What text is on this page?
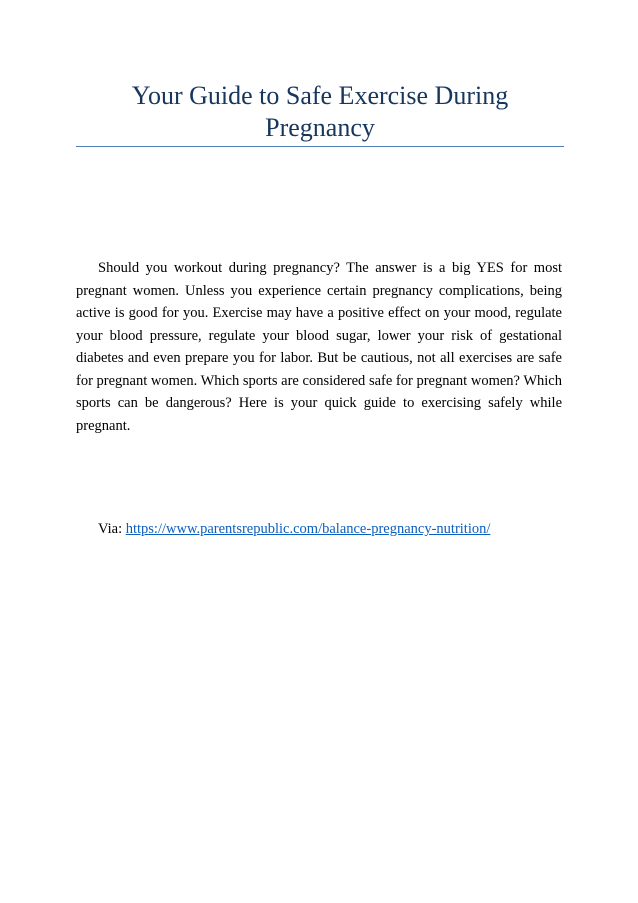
Your Guide to Safe Exercise During Pregnancy

Should you workout during pregnancy? The answer is a big YES for most pregnant women. Unless you experience certain pregnancy complications, being active is good for you. Exercise may have a positive effect on your mood, regulate your blood pressure, regulate your blood sugar, lower your risk of gestational diabetes and even prepare you for labor. But be cautious, not all exercises are safe for pregnant women. Which sports are considered safe for pregnant women? Which sports can be dangerous? Here is your quick guide to exercising safely while pregnant.

Via: https://www.parentsrepublic.com/balance-pregnancy-nutrition/
